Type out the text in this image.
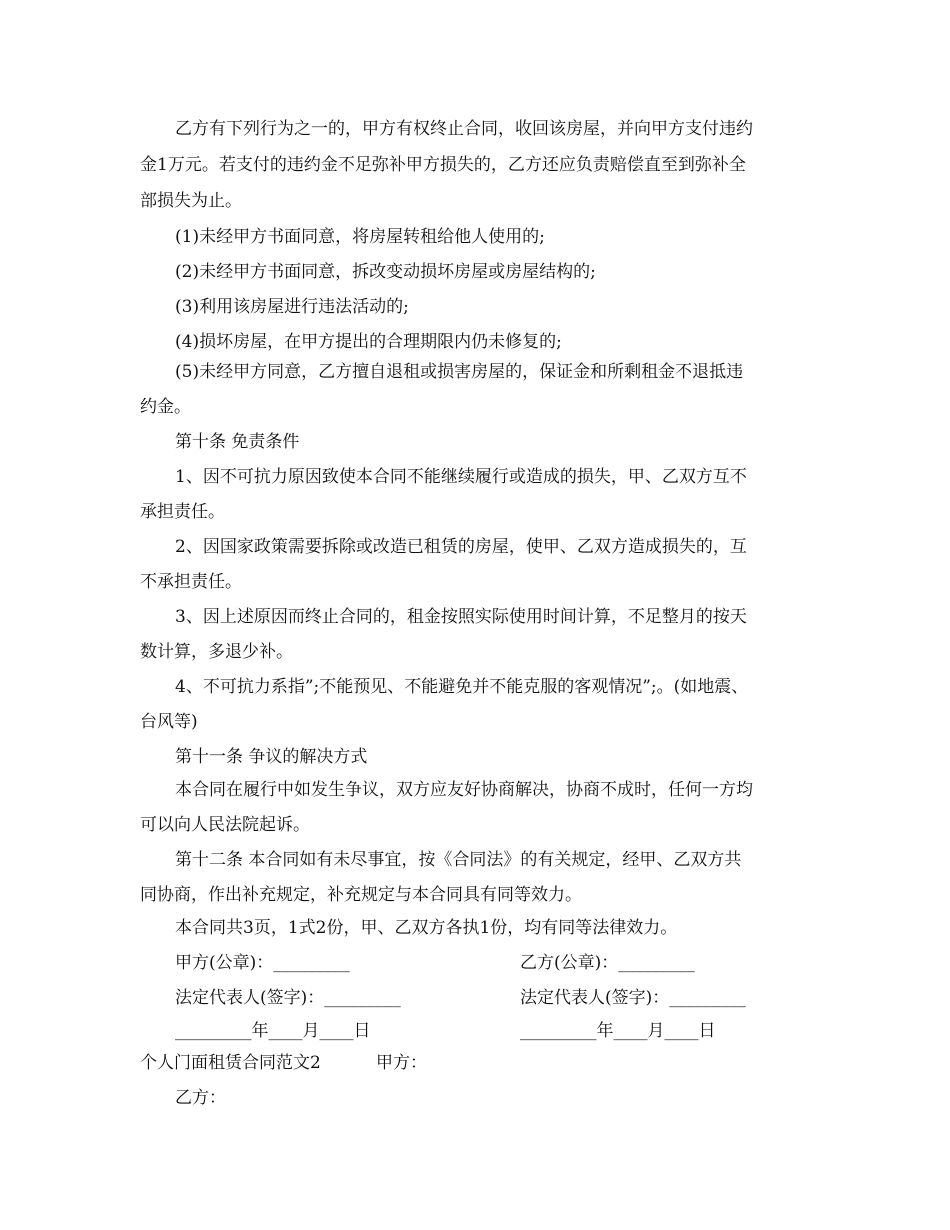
乙方有下列行为之一的，甲方有权终止合同，收回该房屋，并向甲方支付违约
金1万元。若支付的违约金不足弥补甲方损失的，乙方还应负责赔偿直至到弥补全
部损失为止。
(1)未经甲方书面同意，将房屋转租给他人使用的;
(2)未经甲方书面同意，拆改变动损坏房屋或房屋结构的;
(3)利用该房屋进行违法活动的;
(4)损坏房屋，在甲方提出的合理期限内仍未修复的;
(5)未经甲方同意，乙方擅自退租或损害房屋的，保证金和所剩租金不退抵违
约金。
第十条 免责条件
1、因不可抗力原因致使本合同不能继续履行或造成的损失，甲、乙双方互不
承担责任。
2、因国家政策需要拆除或改造已租赁的房屋，使甲、乙双方造成损失的，互
不承担责任。
3、因上述原因而终止合同的，租金按照实际使用时间计算，不足整月的按天
数计算，多退少补。
4、不可抗力系指”;不能预见、不能避免并不能克服的客观情况”;。(如地震、
台风等)
第十一条 争议的解决方式
本合同在履行中如发生争议，双方应友好协商解决，协商不成时，任何一方均
可以向人民法院起诉。
第十二条 本合同如有未尽事宜，按《合同法》的有关规定，经甲、乙双方共
同协商，作出补充规定，补充规定与本合同具有同等效力。
本合同共3页，1式2份，甲、乙双方各执1份，均有同等法律效力。
甲方(公章)：_________	乙方(公章)：_________
法定代表人(签字)：_________	法定代表人(签字)：_________
_________年____月____日	_________年____月____日
个人门面租赁合同范文2	甲方：
乙方：
